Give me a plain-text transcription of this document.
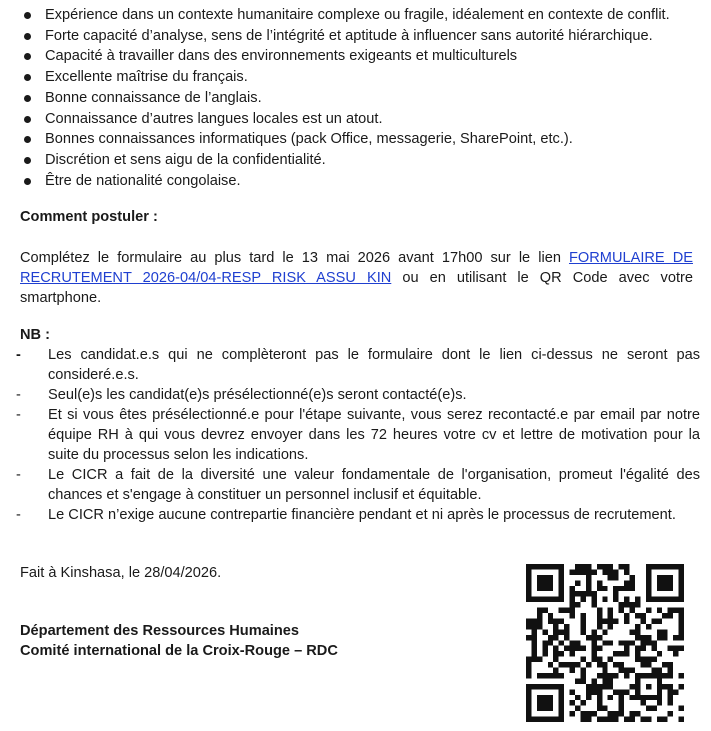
Expérience dans un contexte humanitaire complexe ou fragile, idéalement en contexte de conflit.
Forte capacité d’analyse, sens de l’intégrité et aptitude à influencer sans autorité hiérarchique.
Capacité à travailler dans des environnements exigeants et multiculturels
Excellente maîtrise du français.
Bonne connaissance de l’anglais.
Connaissance d’autres langues locales est un atout.
Bonnes connaissances informatiques (pack Office, messagerie, SharePoint, etc.).
Discrétion et sens aigu de la confidentialité.
Être de nationalité congolaise.
Comment postuler :
Complétez le formulaire au plus tard le 13 mai 2026 avant 17h00 sur le lien FORMULAIRE DE
RECRUTEMENT 2026-04/04-RESP RISK ASSU KIN ou en utilisant le QR Code avec votre
smartphone.
NB :
- Les candidat.e.s qui ne complèteront pas le formulaire dont le lien ci-dessus ne seront pas consideré.e.s.
- Seul(e)s les candidat(e)s présélectionné(e)s seront contacté(e)s.
- Et si vous êtes présélectionné.e pour l'étape suivante, vous serez recontacté.e par email par notre équipe RH à qui vous devrez envoyer dans les 72 heures votre cv et lettre de motivation pour la suite du processus selon les indications.
- Le CICR a fait de la diversité une valeur fondamentale de l'organisation, promeut l'égalité des chances et s'engage à constituer un personnel inclusif et équitable.
- Le CICR n’exige aucune contrepartie financière pendant et ni après le processus de recrutement.
Fait à Kinshasa, le 28/04/2026.
Département des Ressources Humaines
Comité international de la Croix-Rouge – RDC
